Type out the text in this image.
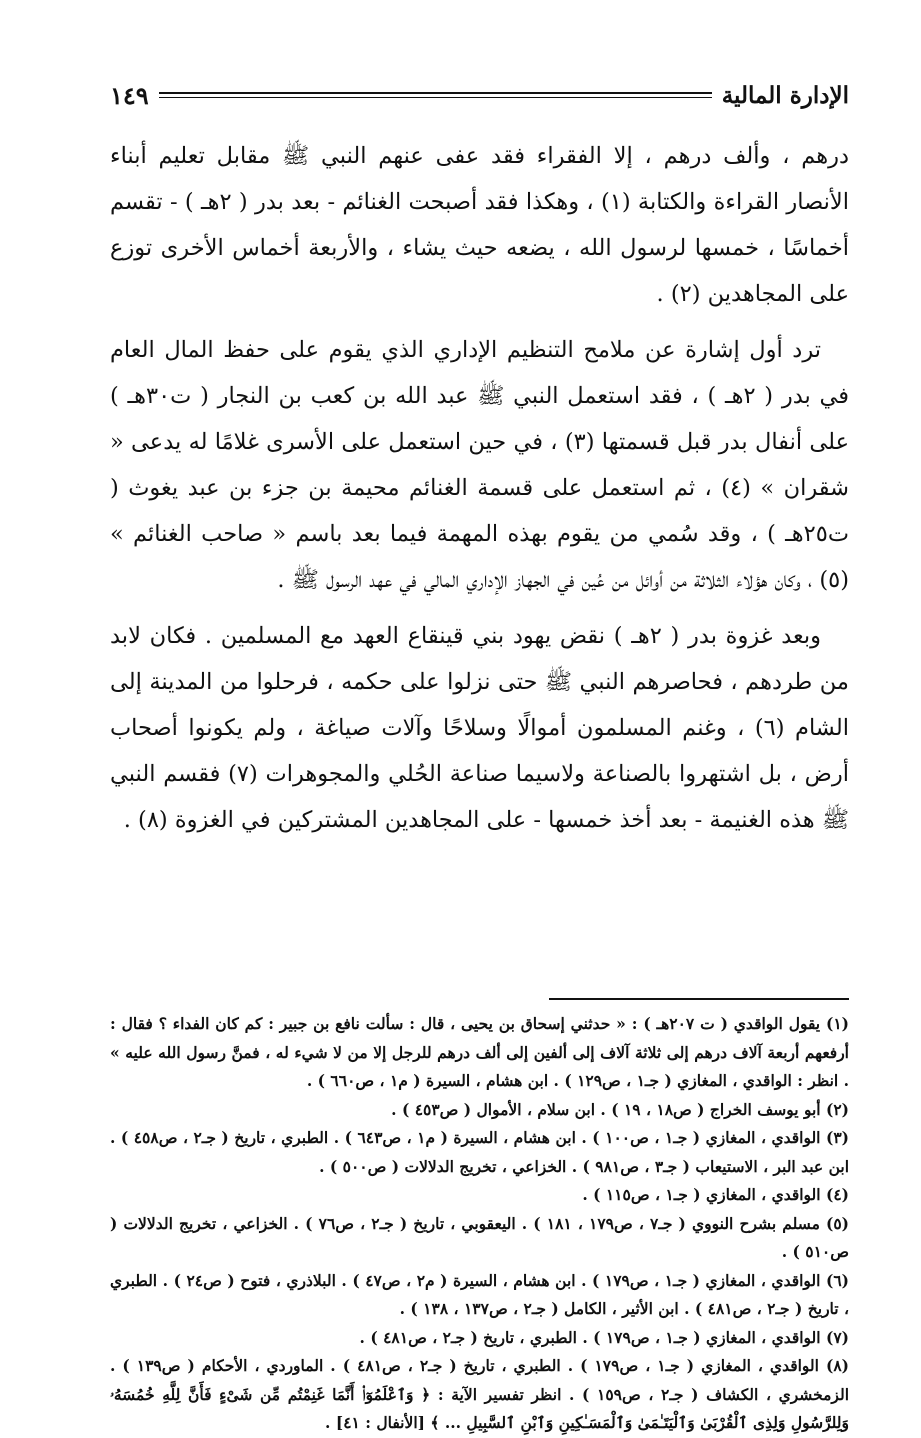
الإدارة المالية
١٤٩

درهم ، وألف درهم ، إلا الفقراء فقد عفى عنهم النبي ﷺ مقابل تعليم أبناء الأنصار القراءة والكتابة (١) ، وهكذا فقد أصبحت الغنائم - بعد بدر ( ٢هـ ) - تقسم أخماسًا ، خمسها لرسول الله ، يضعه حيث يشاء ، والأربعة أخماس الأخرى توزع على المجاهدين (٢) .

ترد أول إشارة عن ملامح التنظيم الإداري الذي يقوم على حفظ المال العام في بدر ( ٢هـ ) ، فقد استعمل النبي ﷺ عبد الله بن كعب بن النجار ( ت٣٠هـ ) على أنفال بدر قبل قسمتها (٣) ، في حين استعمل على الأسرى غلامًا له يدعى « شقران » (٤) ، ثم استعمل على قسمة الغنائم محيمة بن جزء بن عبد يغوث ( ت٢٥هـ ) ، وقد سُمي من يقوم بهذه المهمة فيما بعد باسم « صاحب الغنائم » (٥) ، وكان هؤلاء الثلاثة من أوائل من عُين في الجهاز الإداري المالي في عهد الرسول ﷺ .

وبعد غزوة بدر ( ٢هـ ) نقض يهود بني قينقاع العهد مع المسلمين . فكان لابد من طردهم ، فحاصرهم النبي ﷺ حتى نزلوا على حكمه ، فرحلوا من المدينة إلى الشام (٦) ، وغنم المسلمون أموالًا وسلاحًا وآلات صياغة ، ولم يكونوا أصحاب أرض ، بل اشتهروا بالصناعة ولاسيما صناعة الحُلي والمجوهرات (٧) فقسم النبي ﷺ هذه الغنيمة - بعد أخذ خمسها - على المجاهدين المشتركين في الغزوة (٨) .

(١) يقول الواقدي ( ت ٢٠٧هـ ) : « حدثني إسحاق بن يحيى ، قال : سألت نافع بن جبير : كم كان الفداء ؟ فقال : أرفعهم أربعة آلاف درهم إلى ثلاثة آلاف إلى ألفين إلى ألف درهم للرجل إلا من لا شيء له ، فمنَّ رسول الله عليه » . انظر : الواقدي ، المغازي ( جـ١ ، ص١٢٩ ) . ابن هشام ، السيرة ( م١ ، ص٦٦٠ ) .

(٢) أبو يوسف الخراج ( ص١٨ ، ١٩ ) . ابن سلام ، الأموال ( ص٤٥٣ ) .

(٣) الواقدي ، المغازي ( جـ١ ، ص١٠٠ ) . ابن هشام ، السيرة ( م١ ، ص٦٤٣ ) . الطبري ، تاريخ ( جـ٢ ، ص٤٥٨ ) . ابن عبد البر ، الاستيعاب ( جـ٣ ، ص٩٨١ ) . الخزاعي ، تخريج الدلالات ( ص٥٠٠ ) .

(٤) الواقدي ، المغازي ( جـ١ ، ص١١٥ ) .

(٥) مسلم بشرح النووي ( جـ٧ ، ص١٧٩ ، ١٨١ ) . اليعقوبي ، تاريخ ( جـ٢ ، ص٧٦ ) . الخزاعي ، تخريج الدلالات ( ص٥١٠ ) .

(٦) الواقدي ، المغازي ( جـ١ ، ص١٧٩ ) . ابن هشام ، السيرة ( م٢ ، ص٤٧ ) . البلاذري ، فتوح ( ص٢٤ ) . الطبري ، تاريخ ( جـ٢ ، ص٤٨١ ) . ابن الأثير ، الكامل ( جـ٢ ، ص١٣٧ ، ١٣٨ ) .

(٧) الواقدي ، المغازي ( جـ١ ، ص١٧٩ ) . الطبري ، تاريخ ( جـ٢ ، ص٤٨١ ) .

(٨) الواقدي ، المغازي ( جـ١ ، ص١٧٩ ) . الطبري ، تاريخ ( جـ٢ ، ص٤٨١ ) . الماوردي ، الأحكام ( ص١٣٩ ) . الزمخشري ، الكشاف ( جـ٢ ، ص١٥٩ ) . انظر تفسير الآية : ﴿ وَٱعْلَمُوٓا۟ أَنَّمَا غَنِمْتُم مِّن شَىْءٍ فَأَنَّ لِلَّهِ خُمُسَهُۥ وَلِلرَّسُولِ وَلِذِى ٱلْقُرْبَىٰ وَٱلْيَتَـٰمَىٰ وَٱلْمَسَـٰكِينِ وَٱبْنِ ٱلسَّبِيلِ ... ﴾ [الأنفال : ٤١] .
